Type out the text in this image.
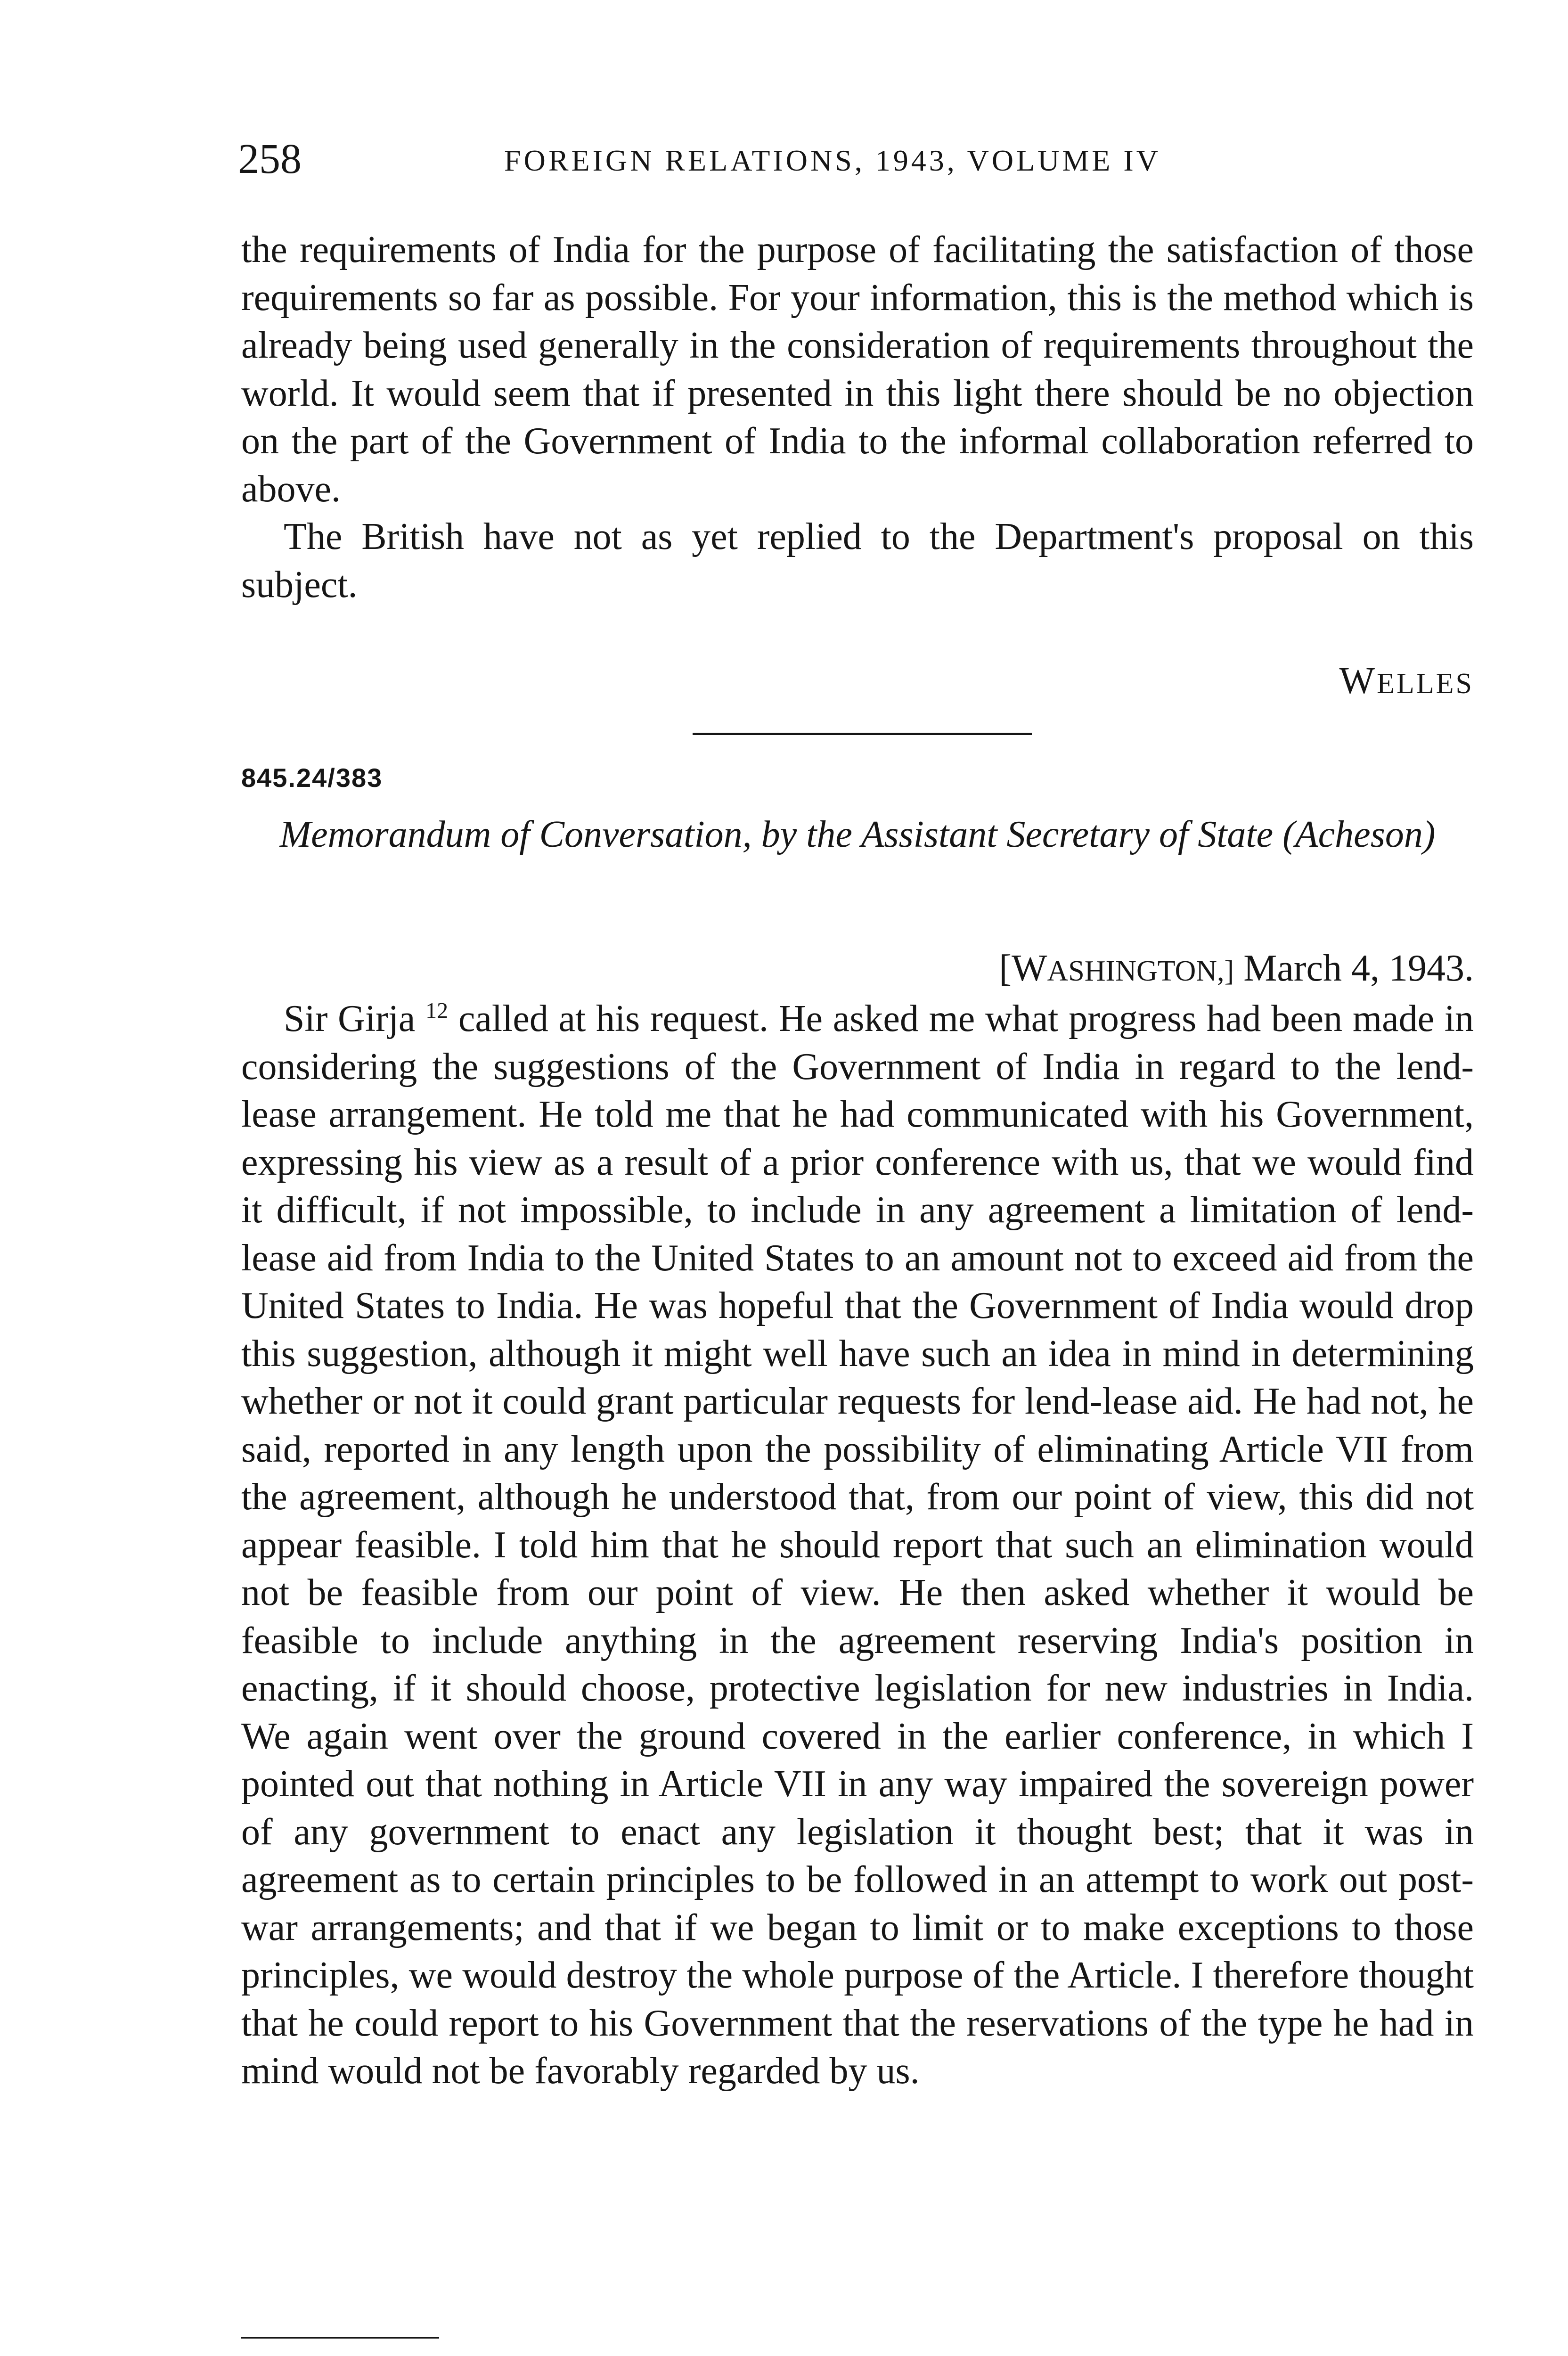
258	FOREIGN RELATIONS, 1943, VOLUME IV

the requirements of India for the purpose of facilitating the satisfaction of those requirements so far as possible. For your information, this is the method which is already being used generally in the consideration of requirements throughout the world. It would seem that if presented in this light there should be no objection on the part of the Government of India to the informal collaboration referred to above.

The British have not as yet replied to the Department's proposal on this subject.

WELLES
845.24/383
Memorandum of Conversation, by the Assistant Secretary of State (Acheson)
[WASHINGTON,] March 4, 1943.

Sir Girja $^{12}$ called at his request. He asked me what progress had been made in considering the suggestions of the Government of India in regard to the lend-lease arrangement. He told me that he had communicated with his Government, expressing his view as a result of a prior conference with us, that we would find it difficult, if not impossible, to include in any agreement a limitation of lend-lease aid from India to the United States to an amount not to exceed aid from the United States to India. He was hopeful that the Government of India would drop this suggestion, although it might well have such an idea in mind in determining whether or not it could grant particular requests for lend-lease aid. He had not, he said, reported in any length upon the possibility of eliminating Article VII from the agreement, although he understood that, from our point of view, this did not appear feasible. I told him that he should report that such an elimination would not be feasible from our point of view. He then asked whether it would be feasible to include anything in the agreement reserving India's position in enacting, if it should choose, protective legislation for new industries in India. We again went over the ground covered in the earlier conference, in which I pointed out that nothing in Article VII in any way impaired the sovereign power of any government to enact any legislation it thought best; that it was in agreement as to certain principles to be followed in an attempt to work out post-war arrangements; and that if we began to limit or to make exceptions to those principles, we would destroy the whole purpose of the Article. I therefore thought that he could report to his Government that the reservations of the type he had in mind would not be favorably regarded by us.
